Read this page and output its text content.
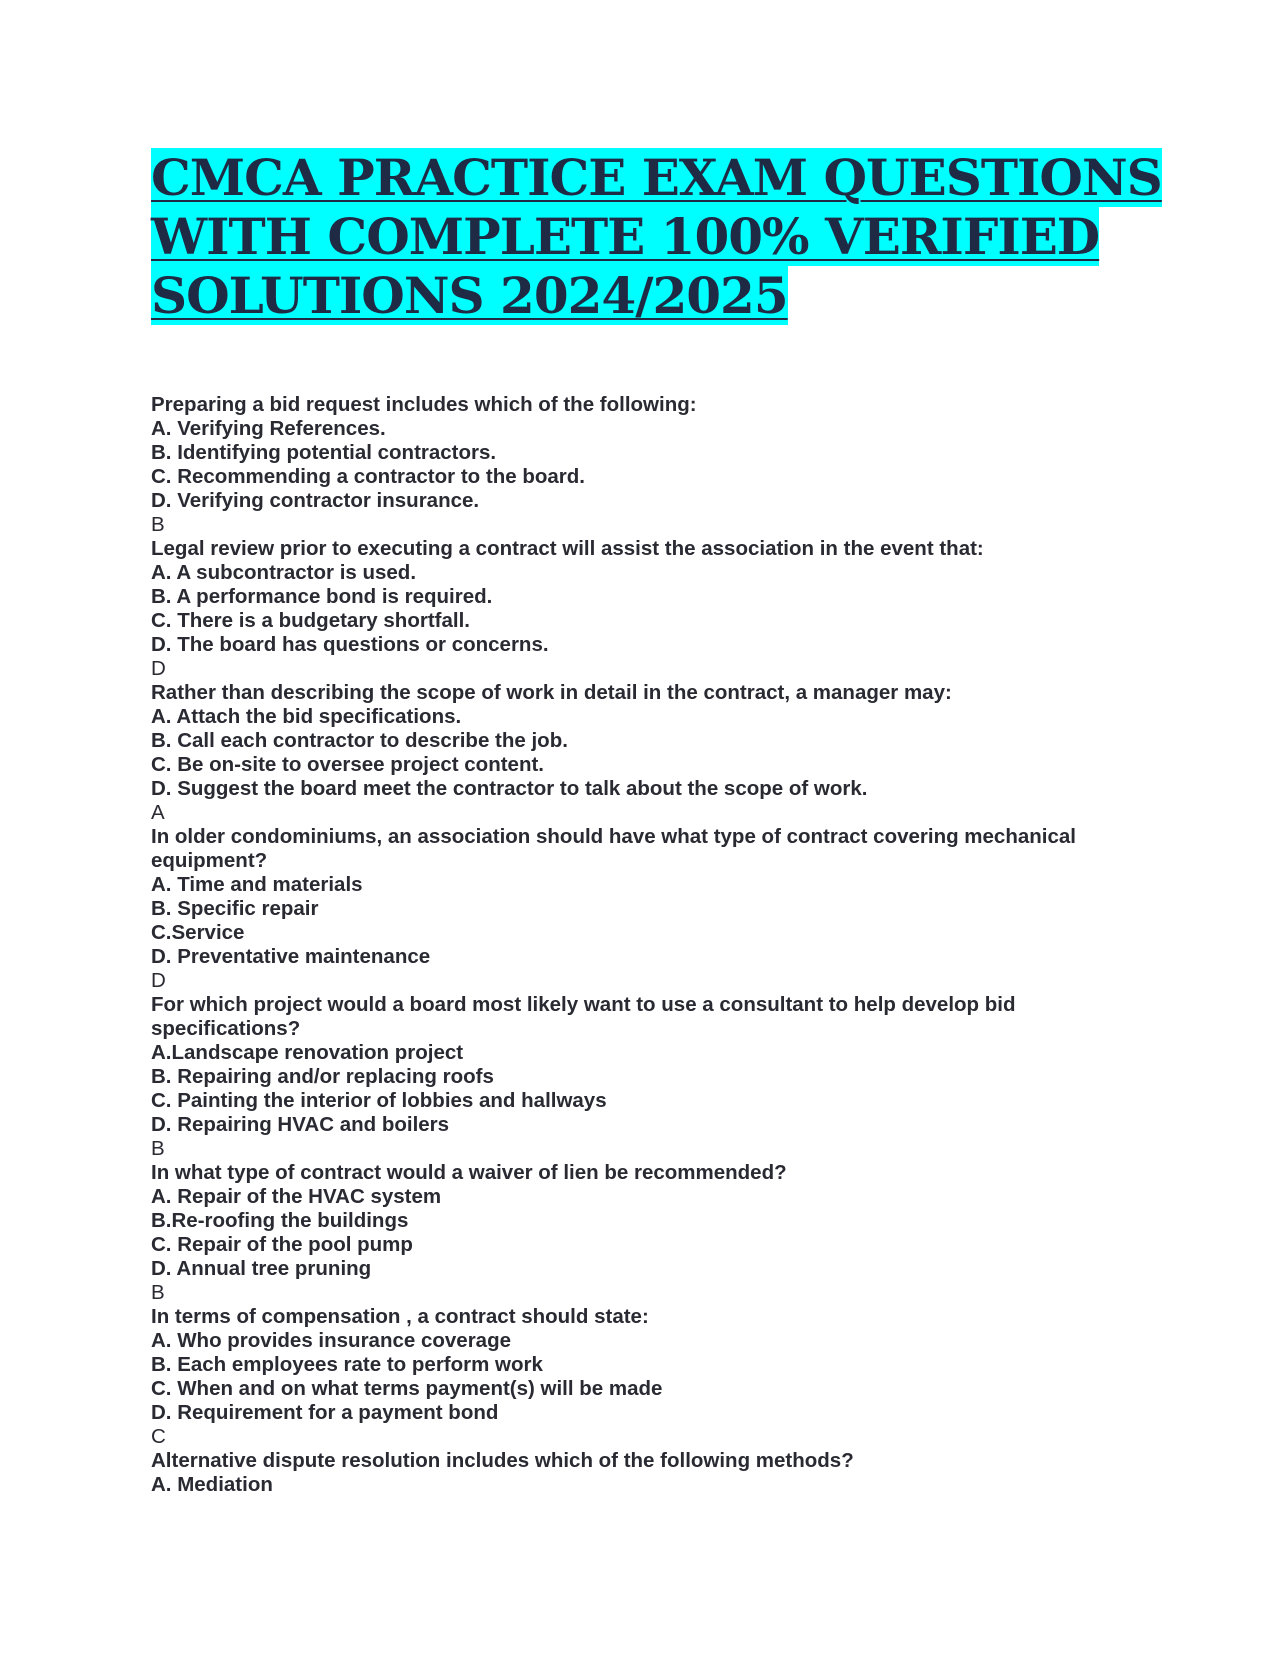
CMCA PRACTICE EXAM QUESTIONS
WITH COMPLETE 100% VERIFIED
SOLUTIONS 2024/2025
Preparing a bid request includes which of the following:
A. Verifying References.
B. Identifying potential contractors.
C. Recommending a contractor to the board.
D. Verifying contractor insurance.
B
Legal review prior to executing a contract will assist the association in the event that:
A. A subcontractor is used.
B. A performance bond is required.
C. There is a budgetary shortfall.
D. The board has questions or concerns.
D
Rather than describing the scope of work in detail in the contract, a manager may:
A. Attach the bid specifications.
B. Call each contractor to describe the job.
C. Be on-site to oversee project content.
D. Suggest the board meet the contractor to talk about the scope of work.
A
In older condominiums, an association should have what type of contract covering mechanical equipment?
A. Time and materials
B. Specific repair
C.Service
D. Preventative maintenance
D
For which project would a board most likely want to use a consultant to help develop bid specifications?
A.Landscape renovation project
B. Repairing and/or replacing roofs
C. Painting the interior of lobbies and hallways
D. Repairing HVAC and boilers
B
In what type of contract would a waiver of lien be recommended?
A. Repair of the HVAC system
B.Re-roofing the buildings
C. Repair of the pool pump
D. Annual tree pruning
B
In terms of compensation , a contract should state:
A. Who provides insurance coverage
B. Each employees rate to perform work
C. When and on what terms payment(s) will be made
D. Requirement for a payment bond
C
Alternative dispute resolution includes which of the following methods?
A. Mediation
